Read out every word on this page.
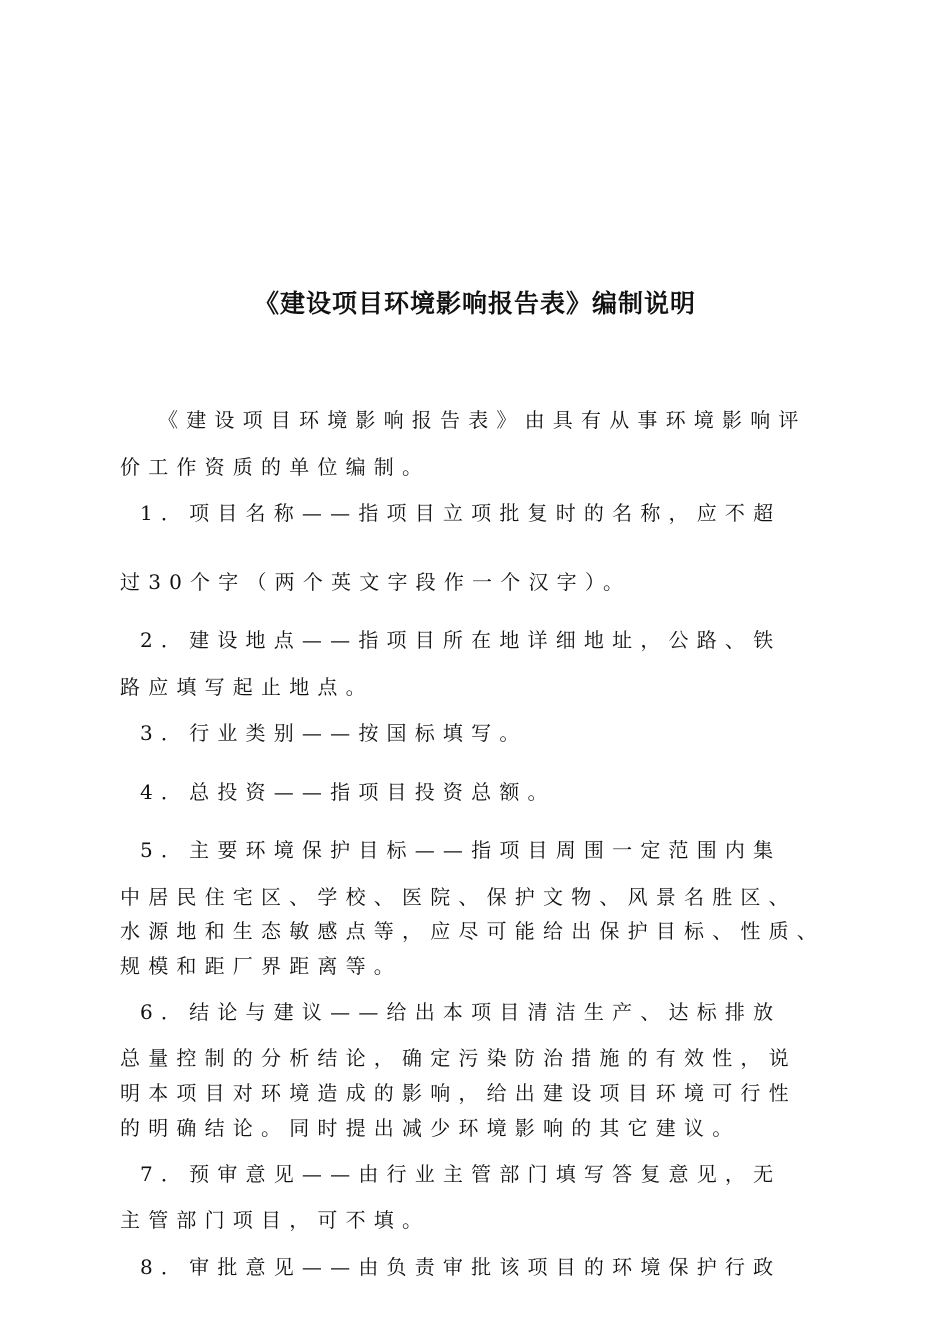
《建设项目环境影响报告表》编制说明
《建设项目环境影响报告表》由具有从事环境影响评
价工作资质的单位编制。
1．项目名称——指项目立项批复时的名称，应不超
过30个字（两个英文字段作一个汉字）。
2．建设地点——指项目所在地详细地址，公路、铁
路应填写起止地点。
3．行业类别——按国标填写。
4．总投资——指项目投资总额。
5．主要环境保护目标——指项目周围一定范围内集
中居民住宅区、学校、医院、保护文物、风景名胜区、
水源地和生态敏感点等，应尽可能给出保护目标、性质、
规模和距厂界距离等。
6．结论与建议——给出本项目清洁生产、达标排放
总量控制的分析结论，确定污染防治措施的有效性，说
明本项目对环境造成的影响，给出建设项目环境可行性
的明确结论。同时提出减少环境影响的其它建议。
7．预审意见——由行业主管部门填写答复意见，无
主管部门项目，可不填。
8．审批意见——由负责审批该项目的环境保护行政
